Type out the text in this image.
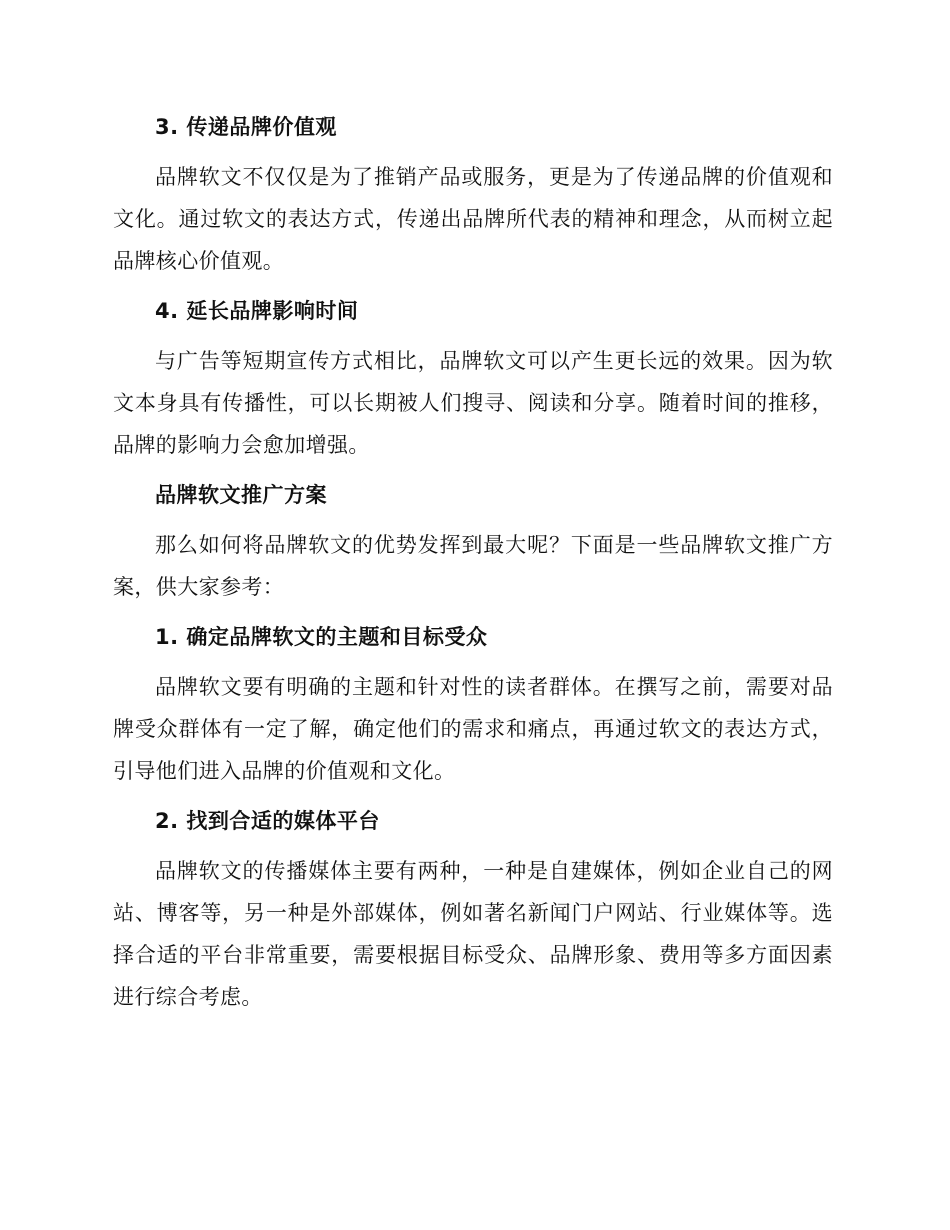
3. 传递品牌价值观

品牌软文不仅仅是为了推销产品或服务，更是为了传递品牌的价值观和文化。通过软文的表达方式，传递出品牌所代表的精神和理念，从而树立起品牌核心价值观。

4. 延长品牌影响时间

与广告等短期宣传方式相比，品牌软文可以产生更长远的效果。因为软文本身具有传播性，可以长期被人们搜寻、阅读和分享。随着时间的推移，品牌的影响力会愈加增强。

品牌软文推广方案

那么如何将品牌软文的优势发挥到最大呢？下面是一些品牌软文推广方案，供大家参考：

1. 确定品牌软文的主题和目标受众

品牌软文要有明确的主题和针对性的读者群体。在撰写之前，需要对品牌受众群体有一定了解，确定他们的需求和痛点，再通过软文的表达方式，引导他们进入品牌的价值观和文化。

2. 找到合适的媒体平台

品牌软文的传播媒体主要有两种，一种是自建媒体，例如企业自己的网站、博客等，另一种是外部媒体，例如著名新闻门户网站、行业媒体等。选择合适的平台非常重要，需要根据目标受众、品牌形象、费用等多方面因素进行综合考虑。
